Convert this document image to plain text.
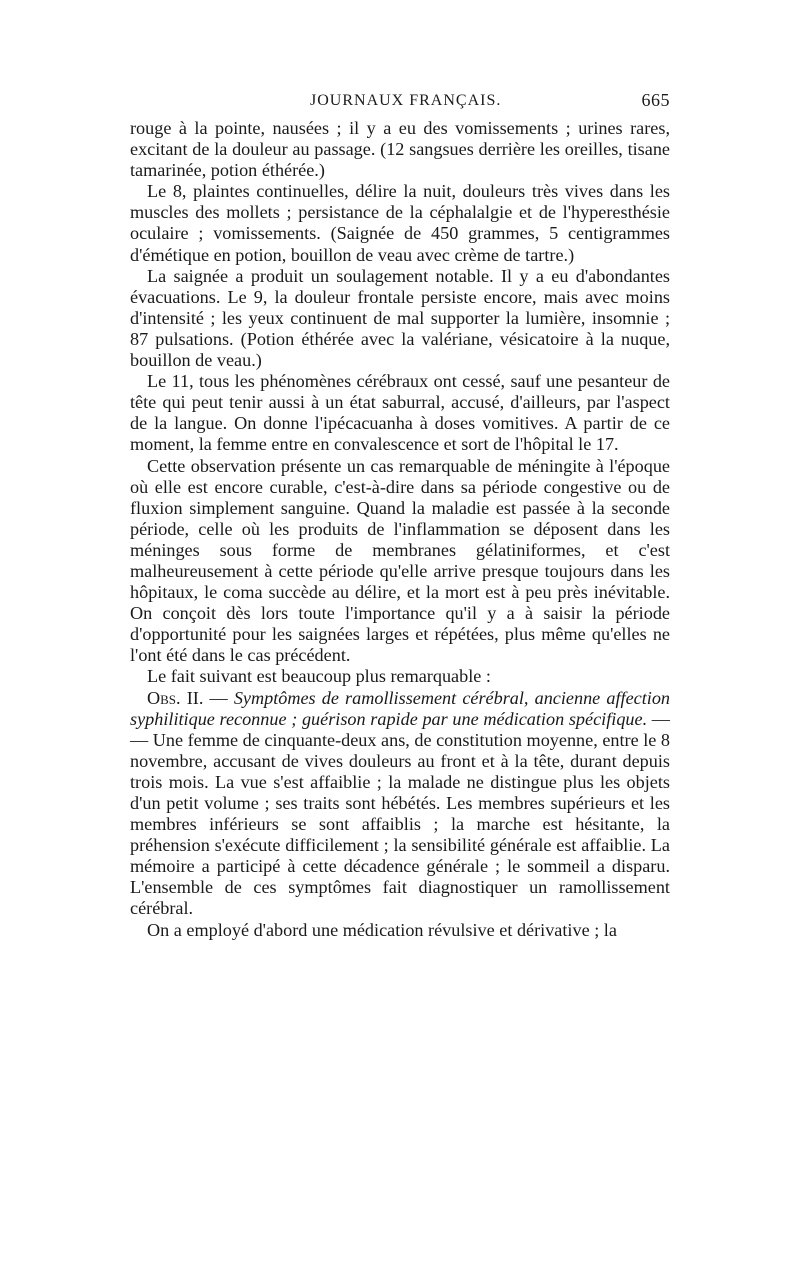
JOURNAUX FRANÇAIS.	665

rouge à la pointe, nausées ; il y a eu des vomissements ; urines rares, excitant de la douleur au passage. (12 sangsues derrière les oreilles, tisane tamarinée, potion éthérée.)

Le 8, plaintes continuelles, délire la nuit, douleurs très vives dans les muscles des mollets ; persistance de la céphalalgie et de l'hyperesthésie oculaire ; vomissements. (Saignée de 450 grammes, 5 centigrammes d'émétique en potion, bouillon de veau avec crème de tartre.)

La saignée a produit un soulagement notable. Il y a eu d'abondantes évacuations. Le 9, la douleur frontale persiste encore, mais avec moins d'intensité ; les yeux continuent de mal supporter la lumière, insomnie ; 87 pulsations. (Potion éthérée avec la valériane, vésicatoire à la nuque, bouillon de veau.)

Le 11, tous les phénomènes cérébraux ont cessé, sauf une pesanteur de tête qui peut tenir aussi à un état saburral, accusé, d'ailleurs, par l'aspect de la langue. On donne l'ipécacuanha à doses vomitives. A partir de ce moment, la femme entre en convalescence et sort de l'hôpital le 17.

Cette observation présente un cas remarquable de méningite à l'époque où elle est encore curable, c'est-à-dire dans sa période congestive ou de fluxion simplement sanguine. Quand la maladie est passée à la seconde période, celle où les produits de l'inflammation se déposent dans les méninges sous forme de membranes gélatiniformes, et c'est malheureusement à cette période qu'elle arrive presque toujours dans les hôpitaux, le coma succède au délire, et la mort est à peu près inévitable. On conçoit dès lors toute l'importance qu'il y a à saisir la période d'opportunité pour les saignées larges et répétées, plus même qu'elles ne l'ont été dans le cas précédent.

Le fait suivant est beaucoup plus remarquable :

Obs. II. — Symptômes de ramollissement cérébral, ancienne affection syphilitique reconnue ; guérison rapide par une médication spécifique. — — Une femme de cinquante-deux ans, de constitution moyenne, entre le 8 novembre, accusant de vives douleurs au front et à la tête, durant depuis trois mois. La vue s'est affaiblie ; la malade ne distingue plus les objets d'un petit volume ; ses traits sont hébétés. Les membres supérieurs et les membres inférieurs se sont affaiblis ; la marche est hésitante, la préhension s'exécute difficilement ; la sensibilité générale est affaiblie. La mémoire a participé à cette décadence générale ; le sommeil a disparu. L'ensemble de ces symptômes fait diagnostiquer un ramollissement cérébral.

On a employé d'abord une médication révulsive et dérivative ; la
